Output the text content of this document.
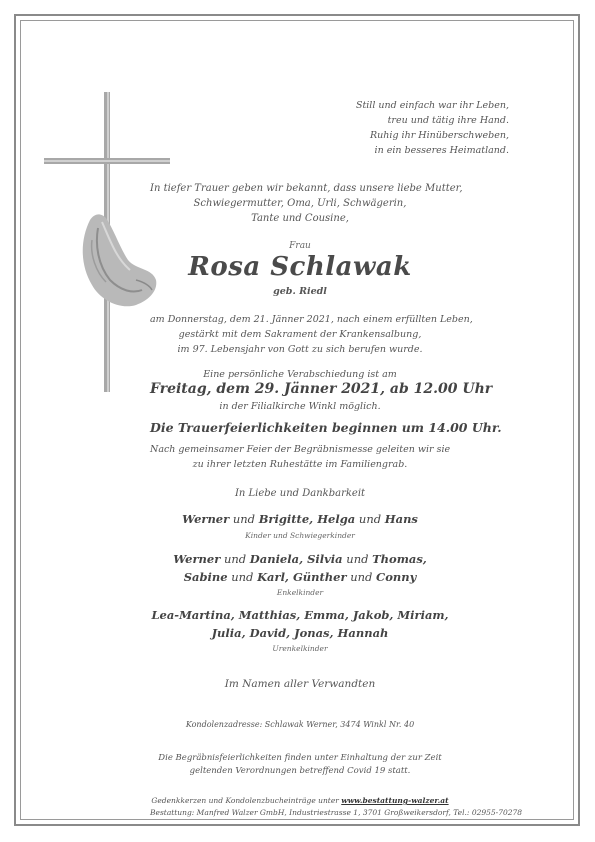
Still und einfach war ihr Leben,
treu und tätig ihre Hand.
Ruhig ihr Hinüberschweben,
in ein besseres Heimatland.
In tiefer Trauer geben wir bekannt, dass unsere liebe Mutter,
Schwiegermutter, Oma, Urli, Schwägerin,
Tante und Cousine,
Frau
Rosa Schlawak
geb. Riedl
am Donnerstag, dem 21. Jänner 2021, nach einem erfüllten Leben,
gestärkt mit dem Sakrament der Krankensalbung,
im 97. Lebensjahr von Gott zu sich berufen wurde.
Eine persönliche Verabschiedung ist am
Freitag, dem 29. Jänner 2021, ab 12.00 Uhr
in der Filialkirche Winkl möglich.
Die Trauerfeierlichkeiten beginnen um 14.00 Uhr.
Nach gemeinsamer Feier der Begräbnismesse geleiten wir sie
zu ihrer letzten Ruhestätte im Familiengrab.
In Liebe und Dankbarkeit
Werner und Brigitte, Helga und Hans
Kinder und Schwiegerkinder
Werner und Daniela, Silvia und Thomas,
Sabine und Karl, Günther und Conny
Enkelkinder
Lea-Martina, Matthias, Emma, Jakob, Miriam,
Julia, David, Jonas, Hannah
Urenkelkinder
Im Namen aller Verwandten
Kondolenzadresse: Schlawak Werner, 3474 Winkl Nr. 40
Die Begräbnisfeierlichkeiten finden unter Einhaltung der zur Zeit
geltenden Verordnungen betreffend Covid 19 statt.
Gedenkkerzen und Kondolenzbucheinträge unter www.bestattung-walzer.at
Bestattung: Manfred Walzer GmbH, Industriestrasse 1, 3701 Großweikersdorf, Tel.: 02955-70278
